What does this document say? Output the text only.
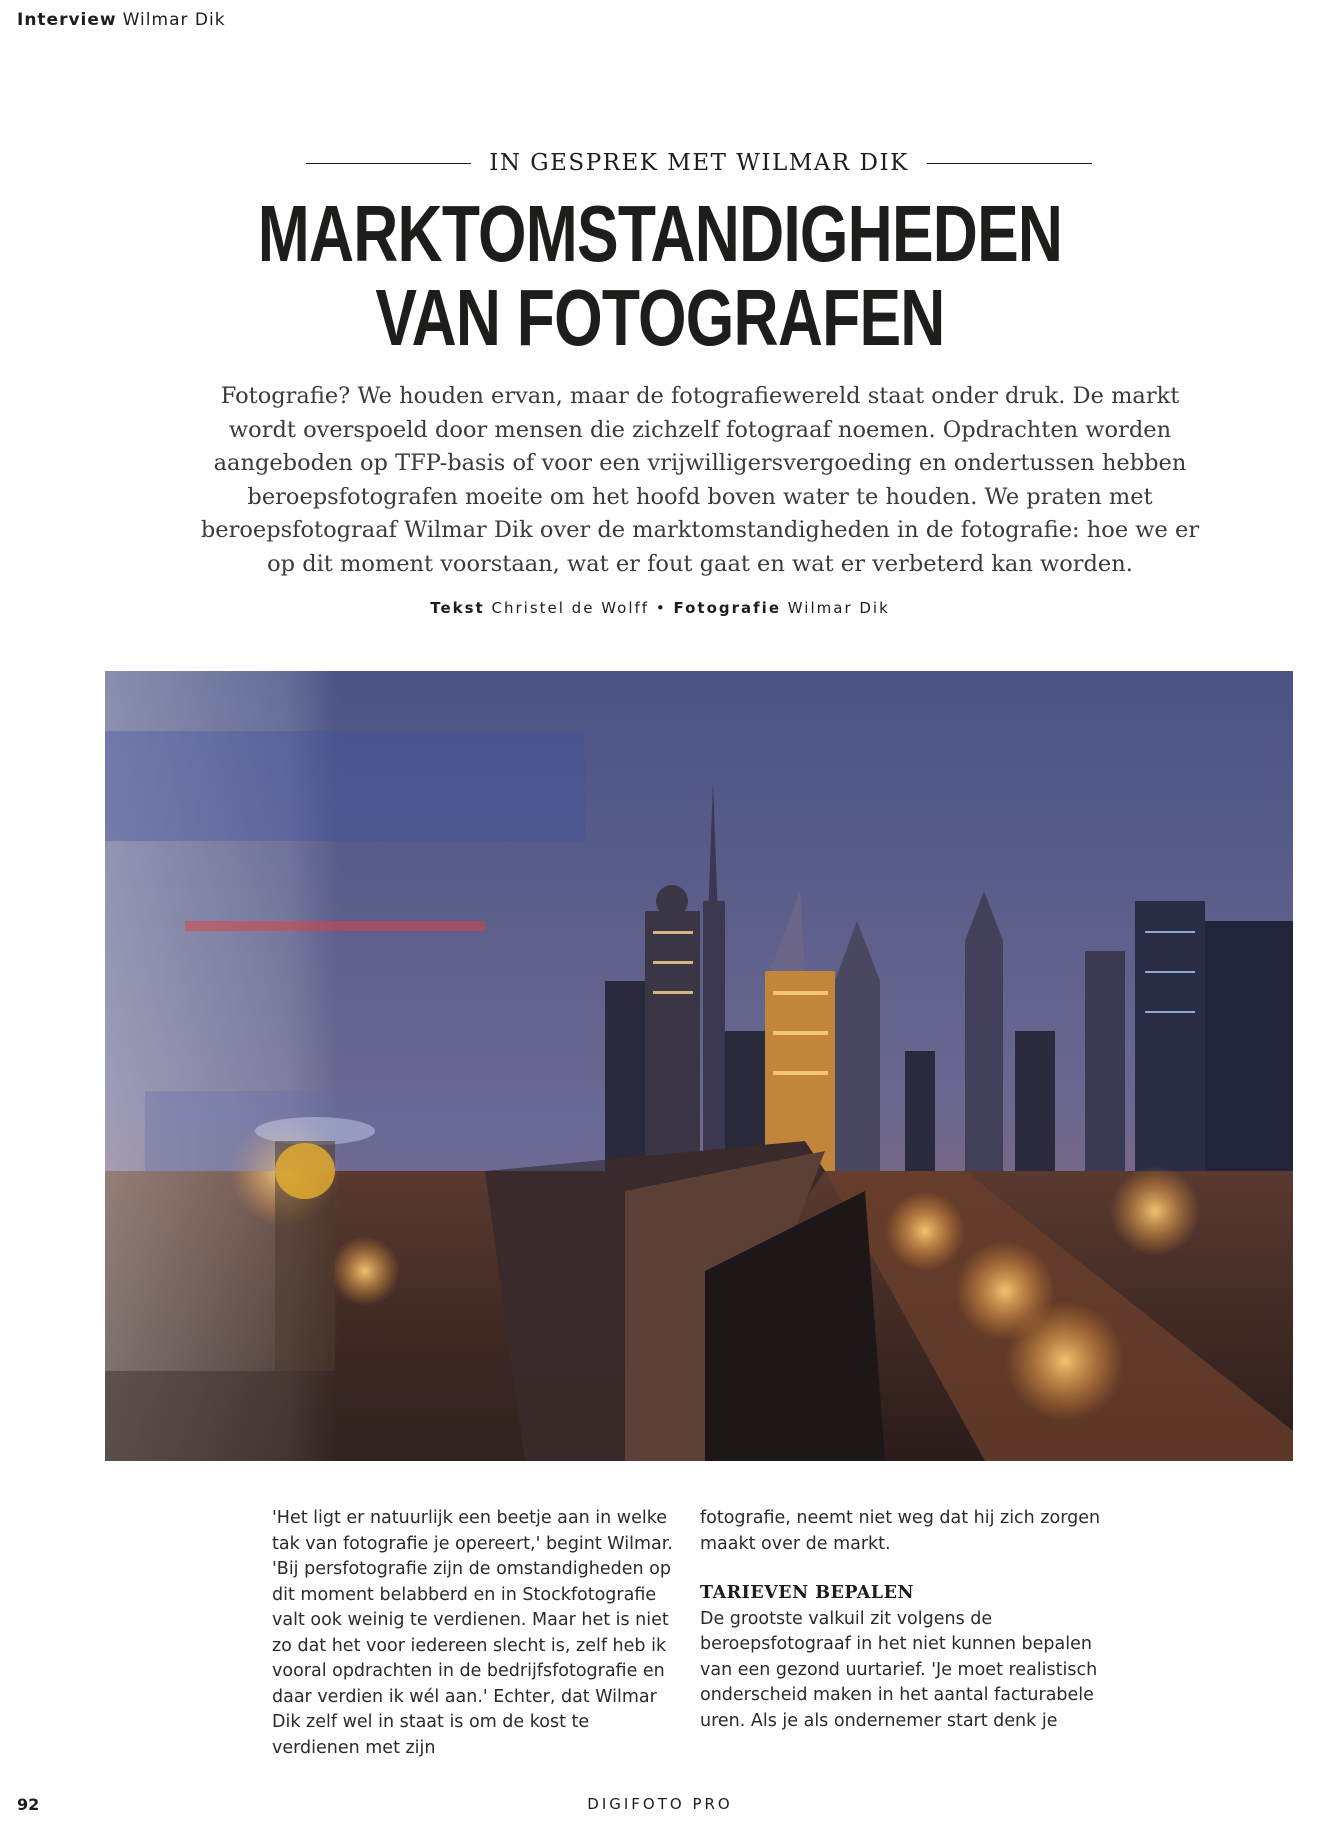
Interview Wilmar Dik
IN GESPREK MET WILMAR DIK
MARKTOMSTANDIGHEDEN
VAN FOTOGRAFEN

Fotografie? We houden ervan, maar de fotografiewereld staat onder druk. De markt wordt overspoeld door mensen die zichzelf fotograaf noemen. Opdrachten worden aangeboden op TFP-basis of voor een vrijwilligersvergoeding en ondertussen hebben beroepsfotografen moeite om het hoofd boven water te houden. We praten met beroepsfotograaf Wilmar Dik over de marktomstandigheden in de fotografie: hoe we er op dit moment voorstaan, wat er fout gaat en wat er verbeterd kan worden.

Tekst Christel de Wolff • Fotografie Wilmar Dik

'Het ligt er natuurlijk een beetje aan in welke tak van fotografie je opereert,' begint Wilmar. 'Bij persfotografie zijn de omstandigheden op dit moment belabberd en in Stockfotografie valt ook weinig te verdienen. Maar het is niet zo dat het voor iedereen slecht is, zelf heb ik vooral opdrachten in de bedrijfsfotografie en daar verdien ik wél aan.' Echter, dat Wilmar Dik zelf wel in staat is om de kost te verdienen met zijn

fotografie, neemt niet weg dat hij zich zorgen maakt over de markt.

TARIEVEN BEPALEN

De grootste valkuil zit volgens de beroepsfotograaf in het niet kunnen bepalen van een gezond uurtarief. 'Je moet realistisch onderscheid maken in het aantal facturabele uren. Als je als ondernemer start denk je

92	DIGIFOTO PRO
